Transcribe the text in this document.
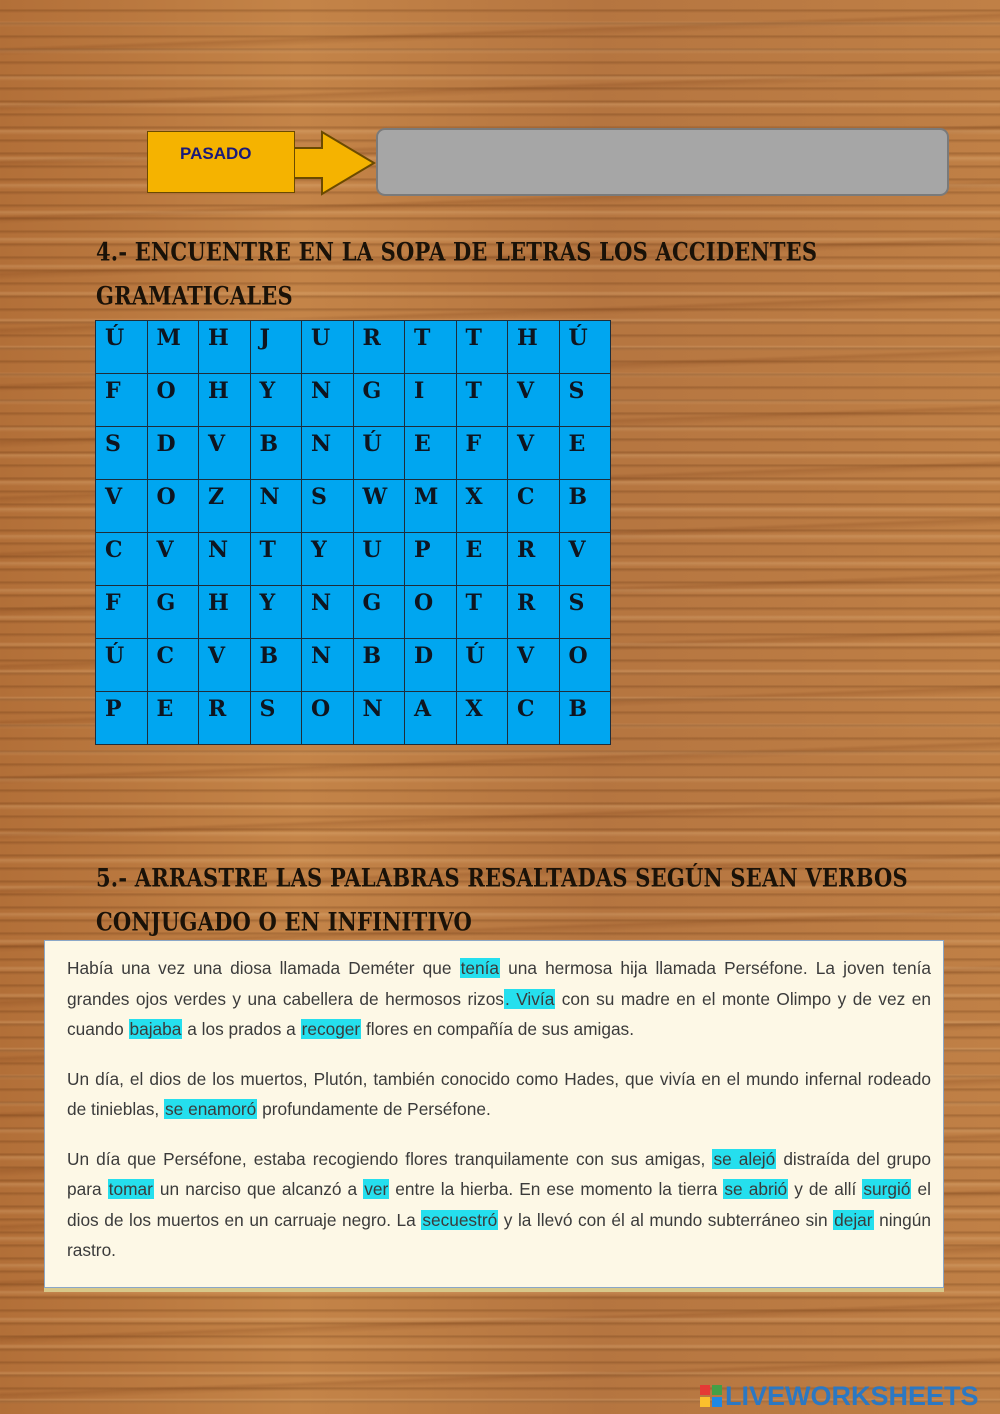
PASADO
4.- ENCUENTRE EN LA SOPA DE LETRAS LOS ACCIDENTES GRAMATICALES
Ú	M	H	J	U	R	T	T	H	Ú
F	O	H	Y	N	G	I	T	V	S
S	D	V	B	N	Ú	E	F	V	E
V	O	Z	N	S	W	M	X	C	B
C	V	N	T	Y	U	P	E	R	V
F	G	H	Y	N	G	O	T	R	S
Ú	C	V	B	N	B	D	Ú	V	O
P	E	R	S	O	N	A	X	C	B
5.- ARRASTRE LAS PALABRAS RESALTADAS SEGÚN SEAN VERBOS CONJUGADO O EN INFINITIVO

Había una vez una diosa llamada Deméter que tenía una hermosa hija llamada Perséfone. La joven tenía grandes ojos verdes y una cabellera de hermosos rizos. Vivía con su madre en el monte Olimpo y de vez en cuando bajaba a los prados a recoger flores en compañía de sus amigas.

Un día, el dios de los muertos, Plutón, también conocido como Hades, que vivía en el mundo infernal rodeado de tinieblas, se enamoró profundamente de Perséfone.

Un día que Perséfone, estaba recogiendo flores tranquilamente con sus amigas, se alejó distraída del grupo para tomar un narciso que alcanzó a ver entre la hierba. En ese momento la tierra se abrió y de allí surgió el dios de los muertos en un carruaje negro. La secuestró y la llevó con él al mundo subterráneo sin dejar ningún rastro.

LIVEWORKSHEETS
